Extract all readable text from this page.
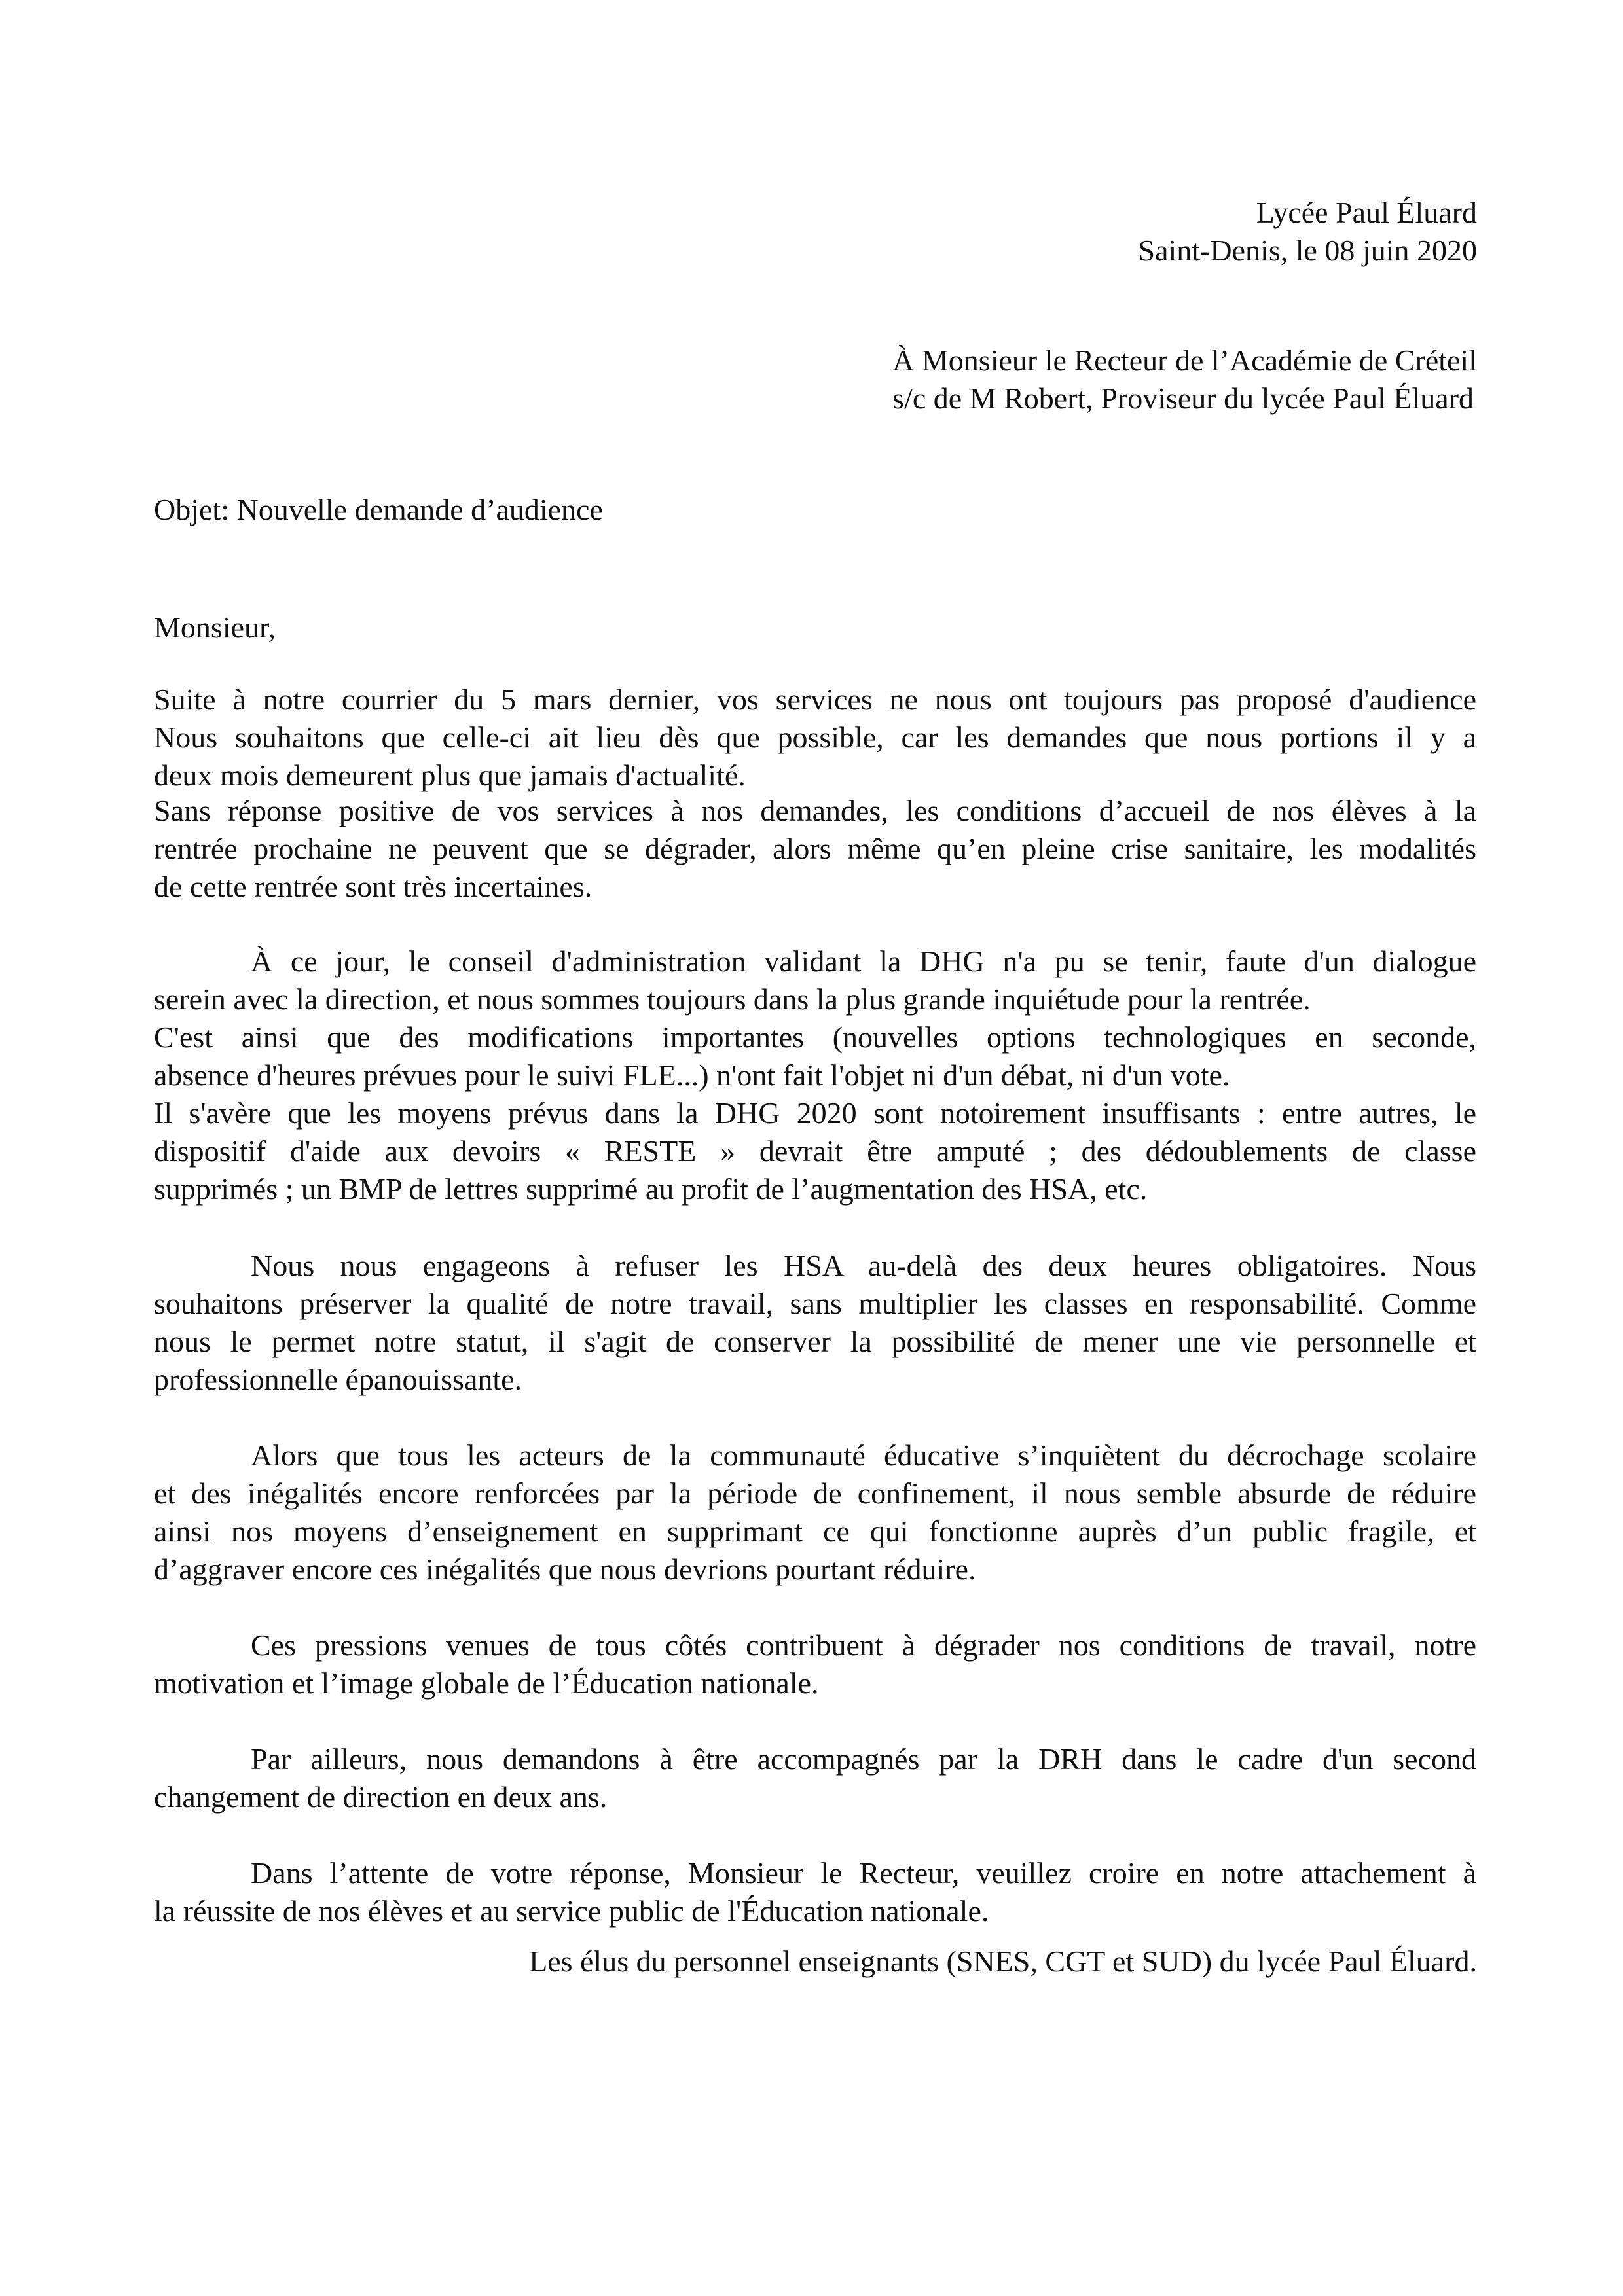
Lycée Paul Éluard
Saint-Denis, le 08 juin 2020
À Monsieur le Recteur de l’Académie de Créteil
s/c de M Robert, Proviseur du lycée Paul Éluard
Objet: Nouvelle demande d’audience
Monsieur,
Suite à notre courrier du 5 mars dernier, vos services ne nous ont toujours pas proposé d'audience
Nous souhaitons que celle-ci ait lieu dès que possible, car les demandes que nous portions il y a
deux mois demeurent plus que jamais d'actualité.
Sans réponse positive de vos services à nos demandes, les conditions d’accueil de nos élèves à la
rentrée prochaine ne peuvent que se dégrader, alors même qu’en pleine crise sanitaire, les modalités
de cette rentrée sont très incertaines.
À ce jour, le conseil d'administration validant la DHG n'a pu se tenir, faute d'un dialogue
serein avec la direction, et nous sommes toujours dans la plus grande inquiétude pour la rentrée.
C'est ainsi que des modifications importantes (nouvelles options technologiques en seconde,
absence d'heures prévues pour le suivi FLE...) n'ont fait l'objet ni d'un débat, ni d'un vote.
Il s'avère que les moyens prévus dans la DHG 2020 sont notoirement insuffisants : entre autres, le
dispositif d'aide aux devoirs « RESTE » devrait être amputé ; des dédoublements de classe
supprimés ; un BMP de lettres supprimé au profit de l’augmentation des HSA, etc.
Nous nous engageons à refuser les HSA au-delà des deux heures obligatoires. Nous
souhaitons préserver la qualité de notre travail, sans multiplier les classes en responsabilité. Comme
nous le permet notre statut, il s'agit de conserver la possibilité de mener une vie personnelle et
professionnelle épanouissante.
Alors que tous les acteurs de la communauté éducative s’inquiètent du décrochage scolaire
et des inégalités encore renforcées par la période de confinement, il nous semble absurde de réduire
ainsi nos moyens d’enseignement en supprimant ce qui fonctionne auprès d’un public fragile, et
d’aggraver encore ces inégalités que nous devrions pourtant réduire.
Ces pressions venues de tous côtés contribuent à dégrader nos conditions de travail, notre
motivation et l’image globale de l’Éducation nationale.
Par ailleurs, nous demandons à être accompagnés par la DRH dans le cadre d'un second
changement de direction en deux ans.
Dans l’attente de votre réponse, Monsieur le Recteur, veuillez croire en notre attachement à
la réussite de nos élèves et au service public de l'Éducation nationale.
Les élus du personnel enseignants (SNES, CGT et SUD) du lycée Paul Éluard.
